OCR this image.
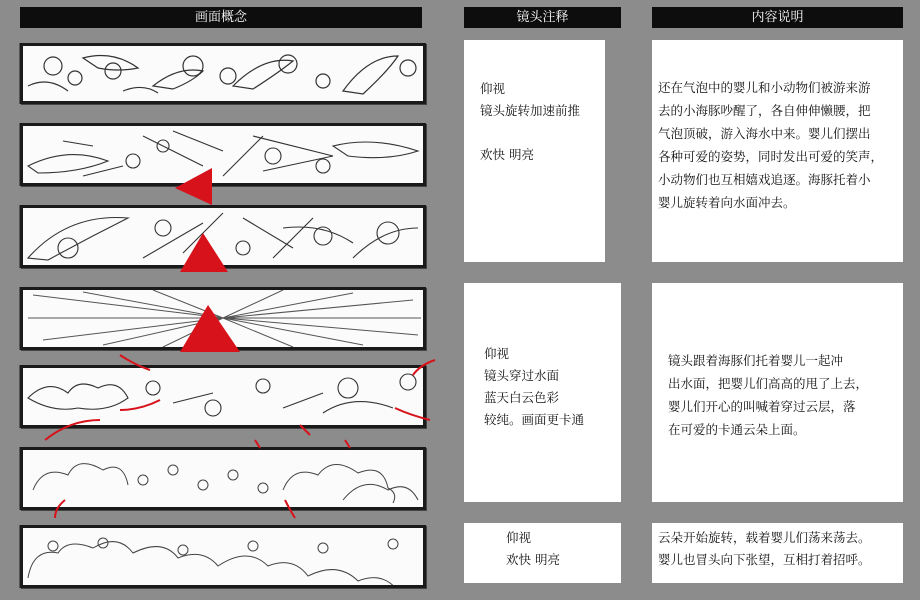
画面概念	镜头注释	内容说明
仰视
镜头旋转加速前推

欢快 明亮
仰视
镜头穿过水面
蓝天白云色彩
较纯。画面更卡通
仰视
欢快 明亮
还在气泡中的婴儿和小动物们被游来游
去的小海豚吵醒了，各自伸伸懒腰，把
气泡顶破，游入海水中来。婴儿们摆出
各种可爱的姿势，同时发出可爱的笑声，
小动物们也互相嬉戏追逐。海豚托着小
婴儿旋转着向水面冲去。
镜头跟着海豚们托着婴儿一起冲
出水面，把婴儿们高高的甩了上去，
婴儿们开心的叫喊着穿过云层，落
在可爱的卡通云朵上面。
云朵开始旋转，载着婴儿们荡来荡去。
婴儿也冒头向下张望，互相打着招呼。
